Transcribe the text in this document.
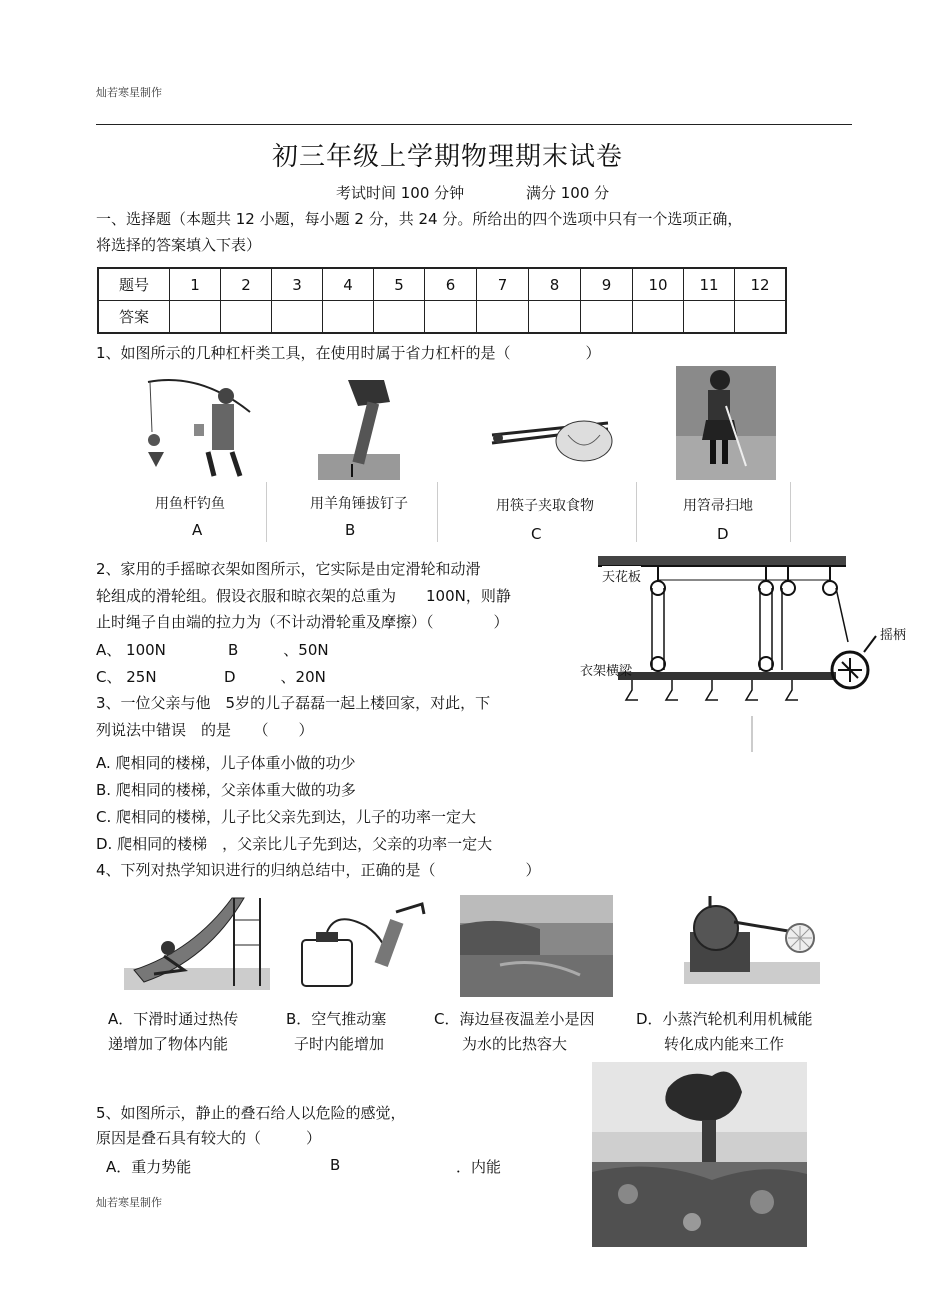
灿若寒星制作
初三年级上学期物理期末试卷
考试时间 100 分钟	满分 100 分
一、选择题（本题共 12 小题，每小题 2 分，共 24 分。所给出的四个选项中只有一个选项正确，
将选择的答案填入下表）
题号	1	2	3	4	5	6	7	8	9	10	11	12
答案												
1、如图所示的几种杠杆类工具，在使用时属于省力杠杆的是（　　　　　）
用鱼杆钓鱼
A
用羊角锤拔钉子
B
用筷子夹取食物
C
用笤帚扫地
D
2、家用的手摇晾衣架如图所示，它实际是由定滑轮和动滑
轮组成的滑轮组。假设衣服和晾衣架的总重为　　100N，则静
止时绳子自由端的拉力为（不计动滑轮重及摩擦）（　　　　）
A、 100N	B　　　、50N
C、 25N	D　　　、20N
天花板
摇柄
衣架横梁
3、一位父亲与他　5岁的儿子磊磊一起上楼回家，对此，下
列说法中错误　的是　　（　　）
A. 爬相同的楼梯，儿子体重小做的功少
B. 爬相同的楼梯，父亲体重大做的功多
C. 爬相同的楼梯，儿子比父亲先到达，儿子的功率一定大
D. 爬相同的楼梯　，父亲比儿子先到达，父亲的功率一定大
4、下列对热学知识进行的归纳总结中，正确的是（　　　　　　）
A．下滑时通过热传
递增加了物体内能
B．空气推动塞
子时内能增加
C．海边昼夜温差小是因
为水的比热容大
D．小蒸汽轮机利用机械能
转化成内能来工作
5、如图所示，静止的叠石给人以危险的感觉，
原因是叠石具有较大的（　　　）
A．重力势能	B	．内能
灿若寒星制作
